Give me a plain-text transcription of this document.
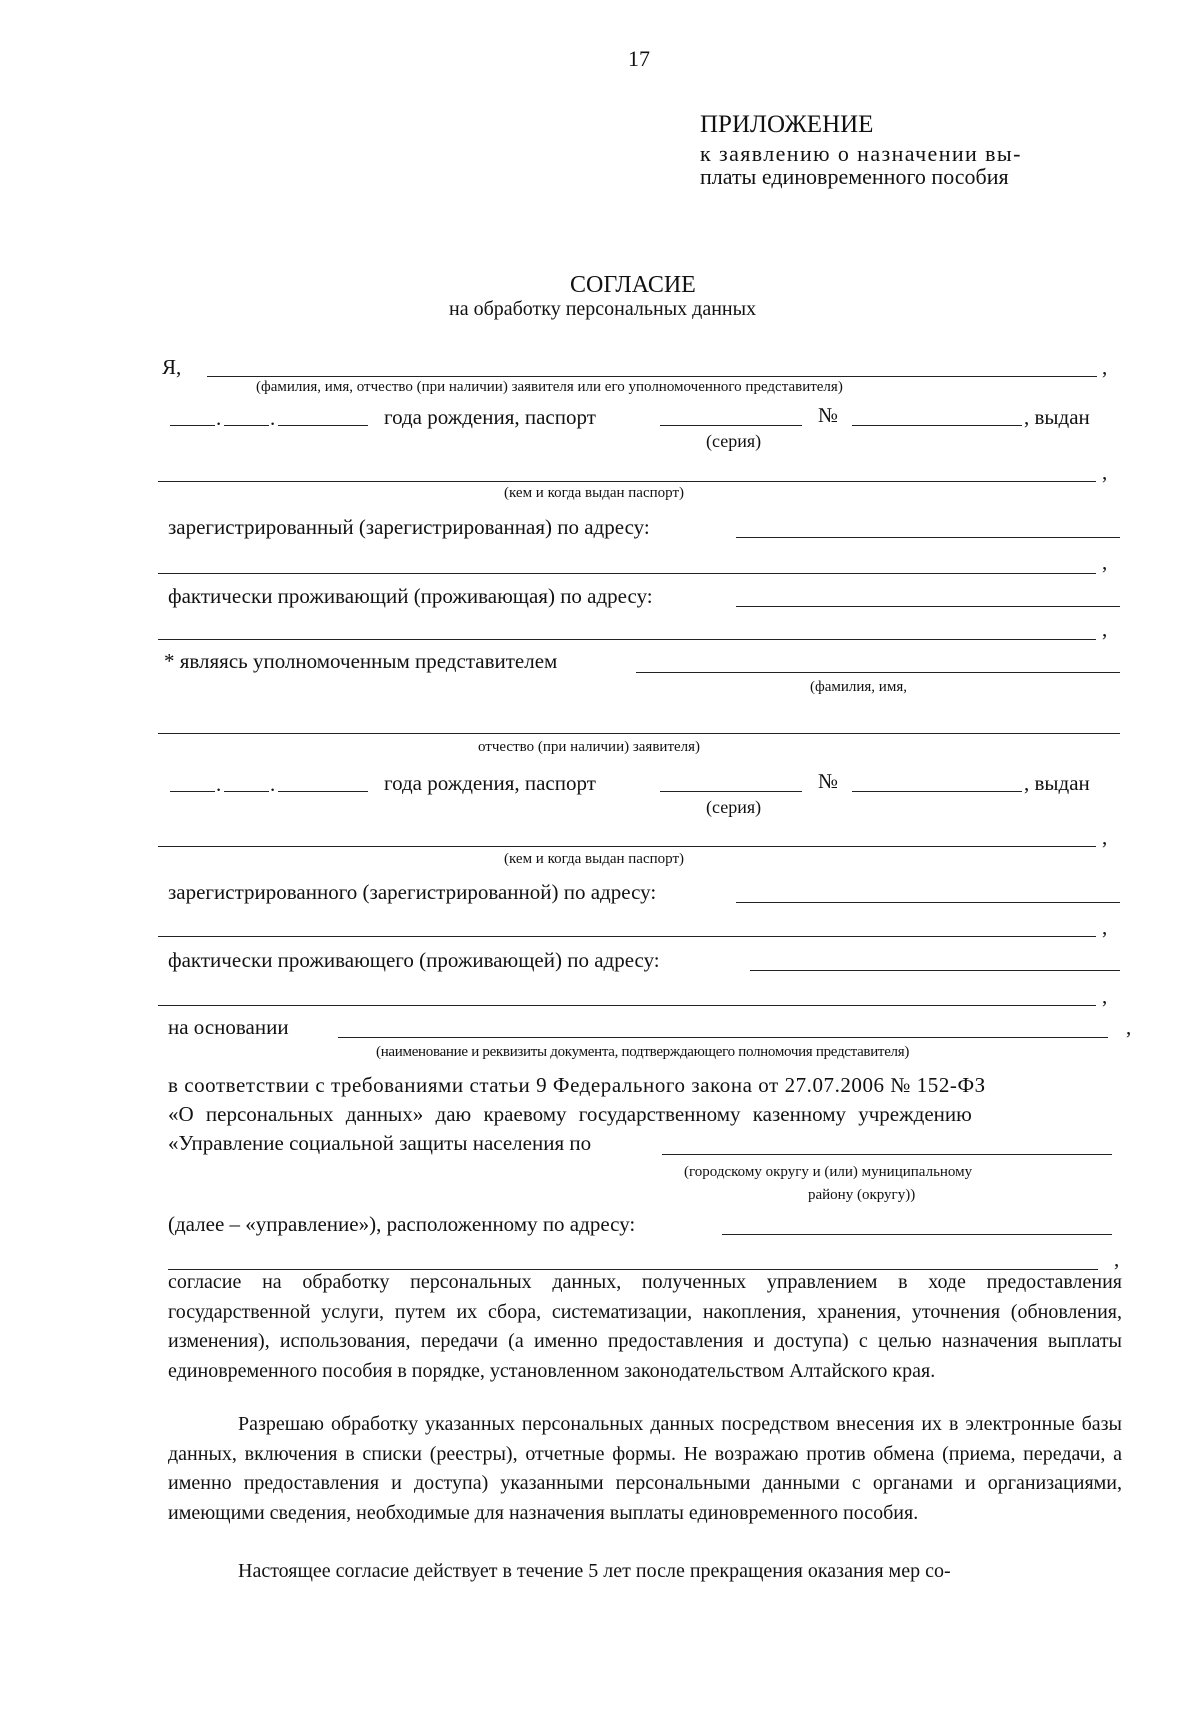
17
ПРИЛОЖЕНИЕ
к заявлению о назначении вы-
платы единовременного пособия
СОГЛАСИЕ
на обработку персональных данных
Я,	,
(фамилия, имя, отчество (при наличии) заявителя или его уполномоченного представителя)
. .	года рождения, паспорт	№	, выдан
(серия)
,
(кем и когда выдан паспорт)
зарегистрированный (зарегистрированная) по адресу:
,
фактически проживающий (проживающая) по адресу:
,
* являясь уполномоченным представителем
(фамилия, имя,
отчество (при наличии) заявителя)
. .	года рождения, паспорт	№	, выдан
(серия)
,
(кем и когда выдан паспорт)
зарегистрированного (зарегистрированной) по адресу:
,
фактически проживающего (проживающей) по адресу:
,
на основании	,
(наименование и реквизиты документа, подтверждающего полномочия представителя)
в соответствии с требованиями статьи 9 Федерального закона от 27.07.2006 № 152-ФЗ
«О персональных данных» даю краевому государственному казенному учреждению
«Управление социальной защиты населения по
(городскому округу и (или) муниципальному
району (округу))
(далее – «управление»), расположенному по адресу:
,
согласие на обработку персональных данных, полученных управлением в ходе предоставления государственной услуги, путем их сбора, систематизации, накопления, хранения, уточнения (обновления, изменения), использования, передачи (а именно предоставления и доступа) с целью назначения выплаты единовременного пособия в порядке, установленном законодательством Алтайского края.
Разрешаю обработку указанных персональных данных посредством внесения их в электронные базы данных, включения в списки (реестры), отчетные формы. Не возражаю против обмена (приема, передачи, а именно предоставления и доступа) указанными персональными данными с органами и организациями, имеющими сведения, необходимые для назначения выплаты единовременного пособия.
Настоящее согласие действует в течение 5 лет после прекращения оказания мер со-
